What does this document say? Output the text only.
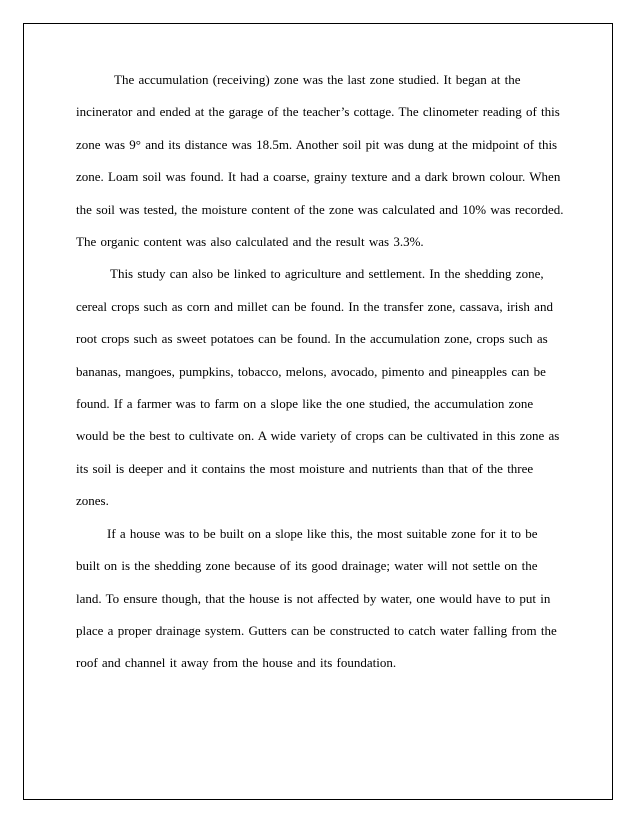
The accumulation (receiving) zone was the last zone studied. It began at the incinerator and ended at the garage of the teacher’s cottage. The clinometer reading of this zone was 9° and its distance was 18.5m. Another soil pit was dung at the midpoint of this zone. Loam soil was found. It had a coarse, grainy texture and a dark brown colour. When the soil was tested, the moisture content of the zone was calculated and 10% was recorded. The organic content was also calculated and the result was 3.3%.

This study can also be linked to agriculture and settlement. In the shedding zone, cereal crops such as corn and millet can be found. In the transfer zone, cassava, irish and root crops such as sweet potatoes can be found. In the accumulation zone, crops such as bananas, mangoes, pumpkins, tobacco, melons, avocado, pimento and pineapples can be found. If a farmer was to farm on a slope like the one studied, the accumulation zone would be the best to cultivate on. A wide variety of crops can be cultivated in this zone as its soil is deeper and it contains the most moisture and nutrients than that of the three zones.

If a house was to be built on a slope like this, the most suitable zone for it to be built on is the shedding zone because of its good drainage; water will not settle on the land. To ensure though, that the house is not affected by water, one would have to put in place a proper drainage system. Gutters can be constructed to catch water falling from the roof and channel it away from the house and its foundation.
